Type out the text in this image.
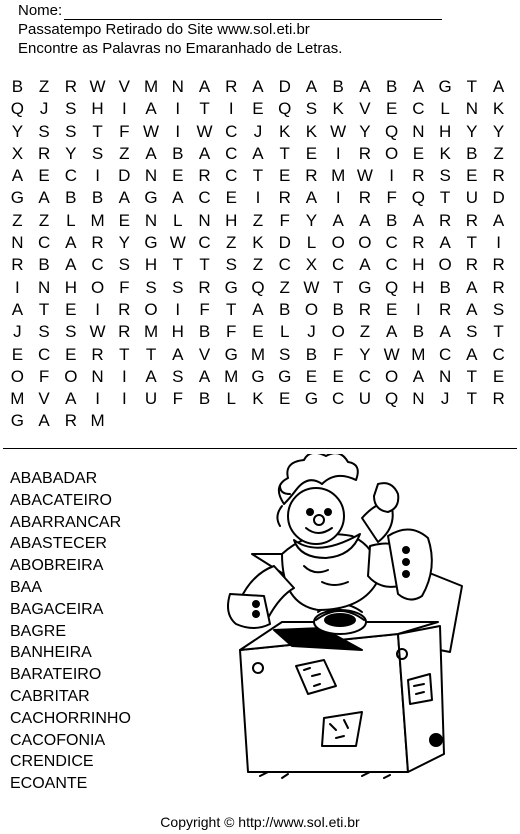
Nome:
Passatempo Retirado do Site www.sol.eti.br
Encontre as Palavras no Emaranhado de Letras.
B Z R W V M N A R A D A B A B A G T A
Q J S H	I	A	I	T	I	E Q S K V E C L N K
Y S S T F W I W C J K K W Y Q N H Y Y
X R Y S Z A B A C A T E	I	R O E K B Z
A E C	I	D N E R C T E R M W I	R S E R
G A B B A G A C E	I	R A	I	R F Q T U D
Z Z L M E N L N H Z F Y A A B A R R A
N C A R Y G W C Z K D L O O C R A T	I
R B A C S H T T S Z C X C A C H O R R
I	N H O F S S R G Q Z W T G Q H B A R
A T E	I	R O	I	F T A B O B R E	I	R A S
J S S W R M H B F E L	J O Z A B A S T
E C E R T T A V G M S B F Y W M C A C
O F O N	I	A S A M G G E E C O A N T E
M V A	I	I	U F B L K E G C U Q N J	T R
G A R M
ABABADAR
ABACATEIRO
ABARRANCAR
ABASTECER
ABOBREIRA
BAA
BAGACEIRA
BAGRE
BANHEIRA
BARATEIRO
CABRITAR
CACHORRINHO
CACOFONIA
CRENDICE
ECOANTE
Copyright © http://www.sol.eti.br
